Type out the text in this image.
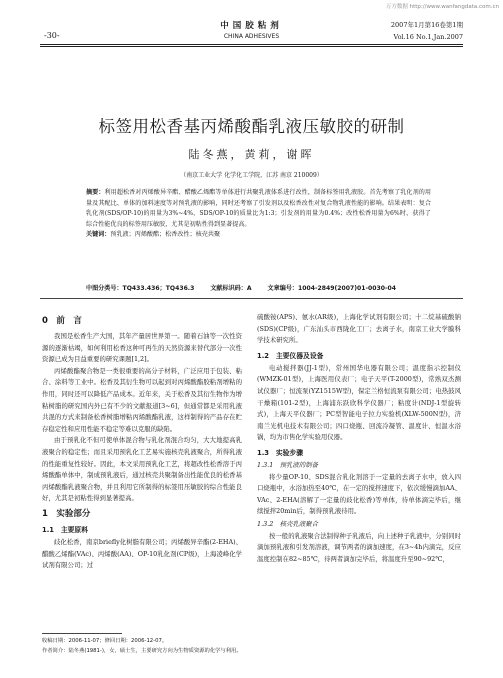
万方数据 http://www.wanfangdata.com.cn
-30-
中国胶粘剂
CHINA ADHESIVES
2007年1月第16卷第1期
Vol.16 No.1,Jan.2007
标签用松香基丙烯酸酯乳液压敏胶的研制
陆冬燕，黄莉，谢晖
（南京工业大学 化学化工学院，江苏 南京 210009）

摘要：利用超松香对丙烯酸异辛酯、醋酸乙烯酯等单体进行共聚乳液体系进行改性，制备标签用乳液胶。首先考察了乳化剂的用量及其配比、单体的加料速度等对预乳液的影响，同时还考察了引发剂以及松香改性对复合物乳液性能的影响。结果表明：复合乳化剂(SDS/OP-10)的用量为3%~4%，SDS/OP-10的质量比为1:3；引发剂的用量为0.4%；改性松香用量为6%时，获得了综合性能优良的标签用压敏胶，尤其是初粘性得到显著提高。

关键词：预乳液；丙烯酸酯；松香改性；核壳共聚

中图分类号：TQ433.436；TQ436.3	文献标识码：A	文章编号：1004-2849(2007)01-0030-04
0　前　言

我国是松香生产大国，其年产量居世界第一。随着石油等一次性资源的逐渐枯竭，如何利用松香这种可再生的天然资源来替代部分一次性资源已成为目益重要的研究课题[1,2]。

丙烯酸酯聚合物是一类很重要的高分子材料，广泛应用于包装、粘合、涂料等工业中。松香及其衍生物可以起到对丙烯酸酯胶粘剂增粘的作用，同时还可以降低产品成本。近年来，关于松香及其衍生物作为增粘树脂的研究国内外已有不少的文献报道[3~6]，但通常都是采用乳液共混的方式来制备松香树脂增粘丙烯酸酯乳液，这样制得的产品存在贮存稳定性和应用性能不稳定等难以克服的缺陷。

由于预乳化不但可使单体混合物与乳化剂混合均匀，大大地提高乳液聚合的稳定性；而且采用预乳化工艺易实施核壳乳液聚合，所得乳液的性能重复性较好。因此，本文采用预乳化工艺，将超改性松香溶于丙烯酸酯单体中，制成预乳液后，通过核壳共聚制备出性能优良的松香基丙烯酸酯乳液聚合物，并且利用它所制得的标签用压敏胶的综合性能良好，尤其是初粘性得到显著提高。

1　实验部分
1.1　主要原料

歧化松香，南京briefly化树脂有限公司；丙烯酸异辛酯(2-EHA)、醋酸乙烯酯(VAc)、丙烯酸(AA)、OP-10乳化剂(CP级)，上海凌峰化学试剂有限公司；过

硫酸铵(APS)、氨水(AR级)，上海化学试剂有限公司；十二烷基硫酸钠(SDS)(CP级)，广东汕头市西陇化工厂；去离子水，南京工业大学膜科学技术研究所。

1.2　主要仪器及设备

电动搅拌器(JJ-1型)，常州国华电器有限公司；温度指示控制仪(WMZK-01型)，上海医用仪表厂；电子天平(T-2000型)，常熟双杰测试仪器厂；恒流泵(YZ1515W型)，保定兰格恒流泵有限公司；电热鼓风干燥箱(101-2型)，上海浦东跃欣科学仪器厂；粘度计(NDJ-1型旋转式)，上海天平仪器厂；PC型智能电子拉力实验机(XLW-500N型)，济南兰光机电技术有限公司；四口烧瓶、回流冷凝管、温度计、恒温水浴锅，均为市售化学实验用仪器。

1.3　实验步骤
1.3.1　预乳液的制备

将少量OP-10、SDS混合乳化剂溶于一定量的去离子水中，放入四口烧瓶中，水浴加热至40℃，在一定的搅拌速度下，依次缓慢滴加AA、VAc、2-EHA(溶解了一定量的歧化松香)等单体，待单体滴完毕后，继续搅拌20min后，制得预乳液待用。

1.3.2　核壳乳液聚合

按一般的乳液聚合法制得种子乳液后，向上述种子乳液中，分别同时滴加预乳液和引发剂溶液，调节两者的滴加速度，在3~4h内滴完，反应温度控制在82~85℃，待两者滴加完毕后，将温度升至90~92℃，

收稿日期：2006-11-07；修回日期：2006-12-07。
作者简介：陆冬燕(1981-)，女，硕士生，主要研究方向为生物质资源的化学与利用。
